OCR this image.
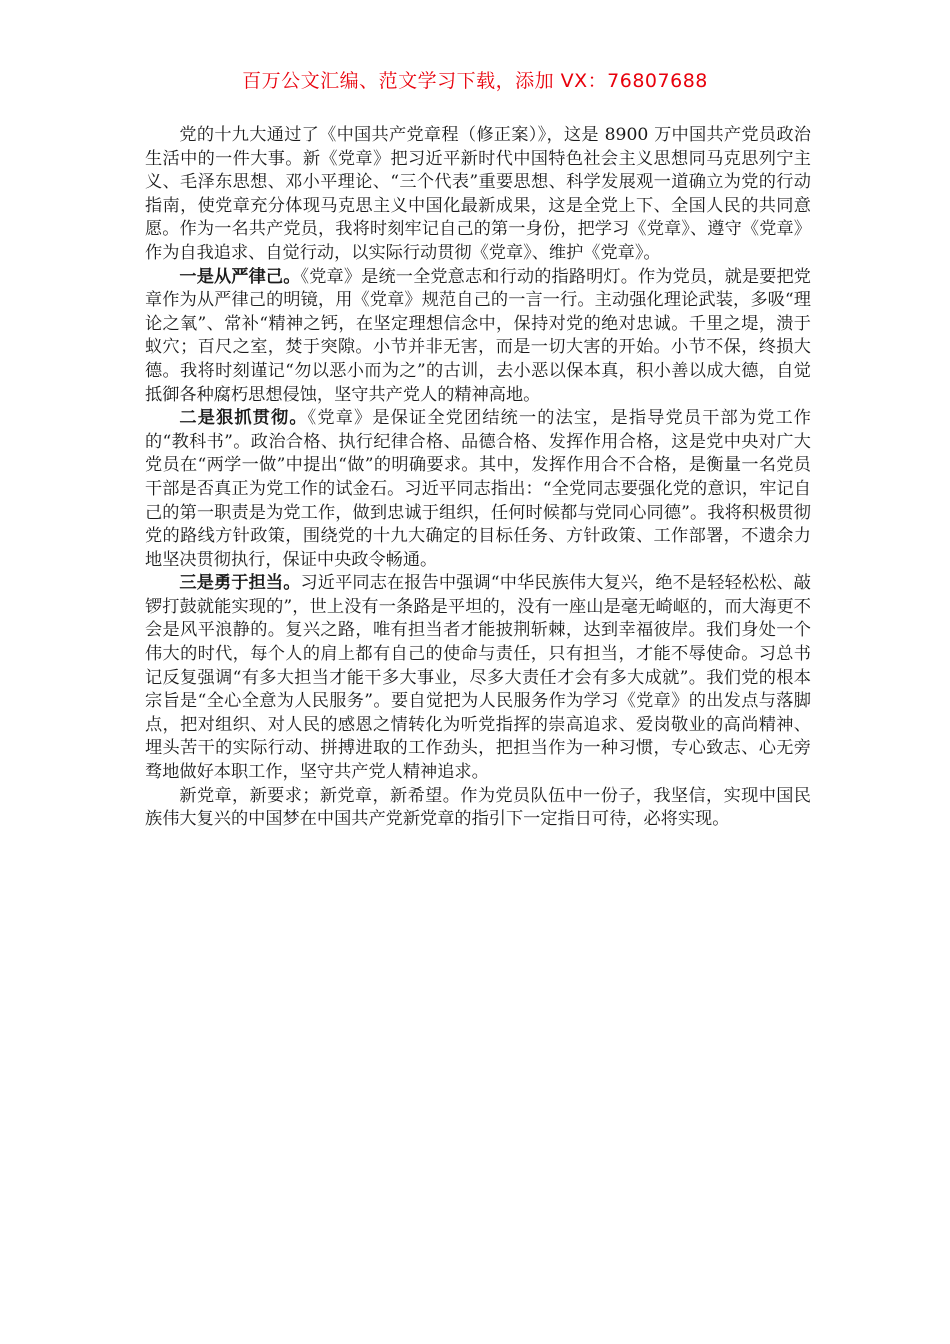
百万公文汇编、范文学习下载，添加 VX：76807688

党的十九大通过了《中国共产党章程（修正案）》，这是 8900 万中国共产党员政治生活中的一件大事。新《党章》把习近平新时代中国特色社会主义思想同马克思列宁主义、毛泽东思想、邓小平理论、“三个代表”重要思想、科学发展观一道确立为党的行动指南，使党章充分体现马克思主义中国化最新成果，这是全党上下、全国人民的共同意愿。作为一名共产党员，我将时刻牢记自己的第一身份，把学习《党章》、遵守《党章》作为自我追求、自觉行动，以实际行动贯彻《党章》、维护《党章》。

一是从严律己。《党章》是统一全党意志和行动的指路明灯。作为党员，就是要把党章作为从严律己的明镜，用《党章》规范自己的一言一行。主动强化理论武装，多吸“理论之氧”、常补“精神之钙，在坚定理想信念中，保持对党的绝对忠诚。千里之堤，溃于蚁穴；百尺之室，焚于突隙。小节并非无害，而是一切大害的开始。小节不保，终损大德。我将时刻谨记“勿以恶小而为之”的古训，去小恶以保本真，积小善以成大德，自觉抵御各种腐朽思想侵蚀，坚守共产党人的精神高地。

二是狠抓贯彻。《党章》是保证全党团结统一的法宝，是指导党员干部为党工作的“教科书”。政治合格、执行纪律合格、品德合格、发挥作用合格，这是党中央对广大党员在“两学一做”中提出“做”的明确要求。其中，发挥作用合不合格，是衡量一名党员干部是否真正为党工作的试金石。习近平同志指出：“全党同志要强化党的意识，牢记自己的第一职责是为党工作，做到忠诚于组织，任何时候都与党同心同德”。我将积极贯彻党的路线方针政策，围绕党的十九大确定的目标任务、方针政策、工作部署，不遗余力地坚决贯彻执行，保证中央政令畅通。

三是勇于担当。习近平同志在报告中强调“中华民族伟大复兴，绝不是轻轻松松、敲锣打鼓就能实现的”，世上没有一条路是平坦的，没有一座山是毫无崎岖的，而大海更不会是风平浪静的。复兴之路，唯有担当者才能披荆斩棘，达到幸福彼岸。我们身处一个伟大的时代，每个人的肩上都有自己的使命与责任，只有担当，才能不辱使命。习总书记反复强调“有多大担当才能干多大事业，尽多大责任才会有多大成就”。我们党的根本宗旨是“全心全意为人民服务”。要自觉把为人民服务作为学习《党章》的出发点与落脚点，把对组织、对人民的感恩之情转化为听党指挥的崇高追求、爱岗敬业的高尚精神、埋头苦干的实际行动、拼搏进取的工作劲头，把担当作为一种习惯，专心致志、心无旁骛地做好本职工作，坚守共产党人精神追求。

新党章，新要求；新党章，新希望。作为党员队伍中一份子，我坚信，实现中国民族伟大复兴的中国梦在中国共产党新党章的指引下一定指日可待，必将实现。
